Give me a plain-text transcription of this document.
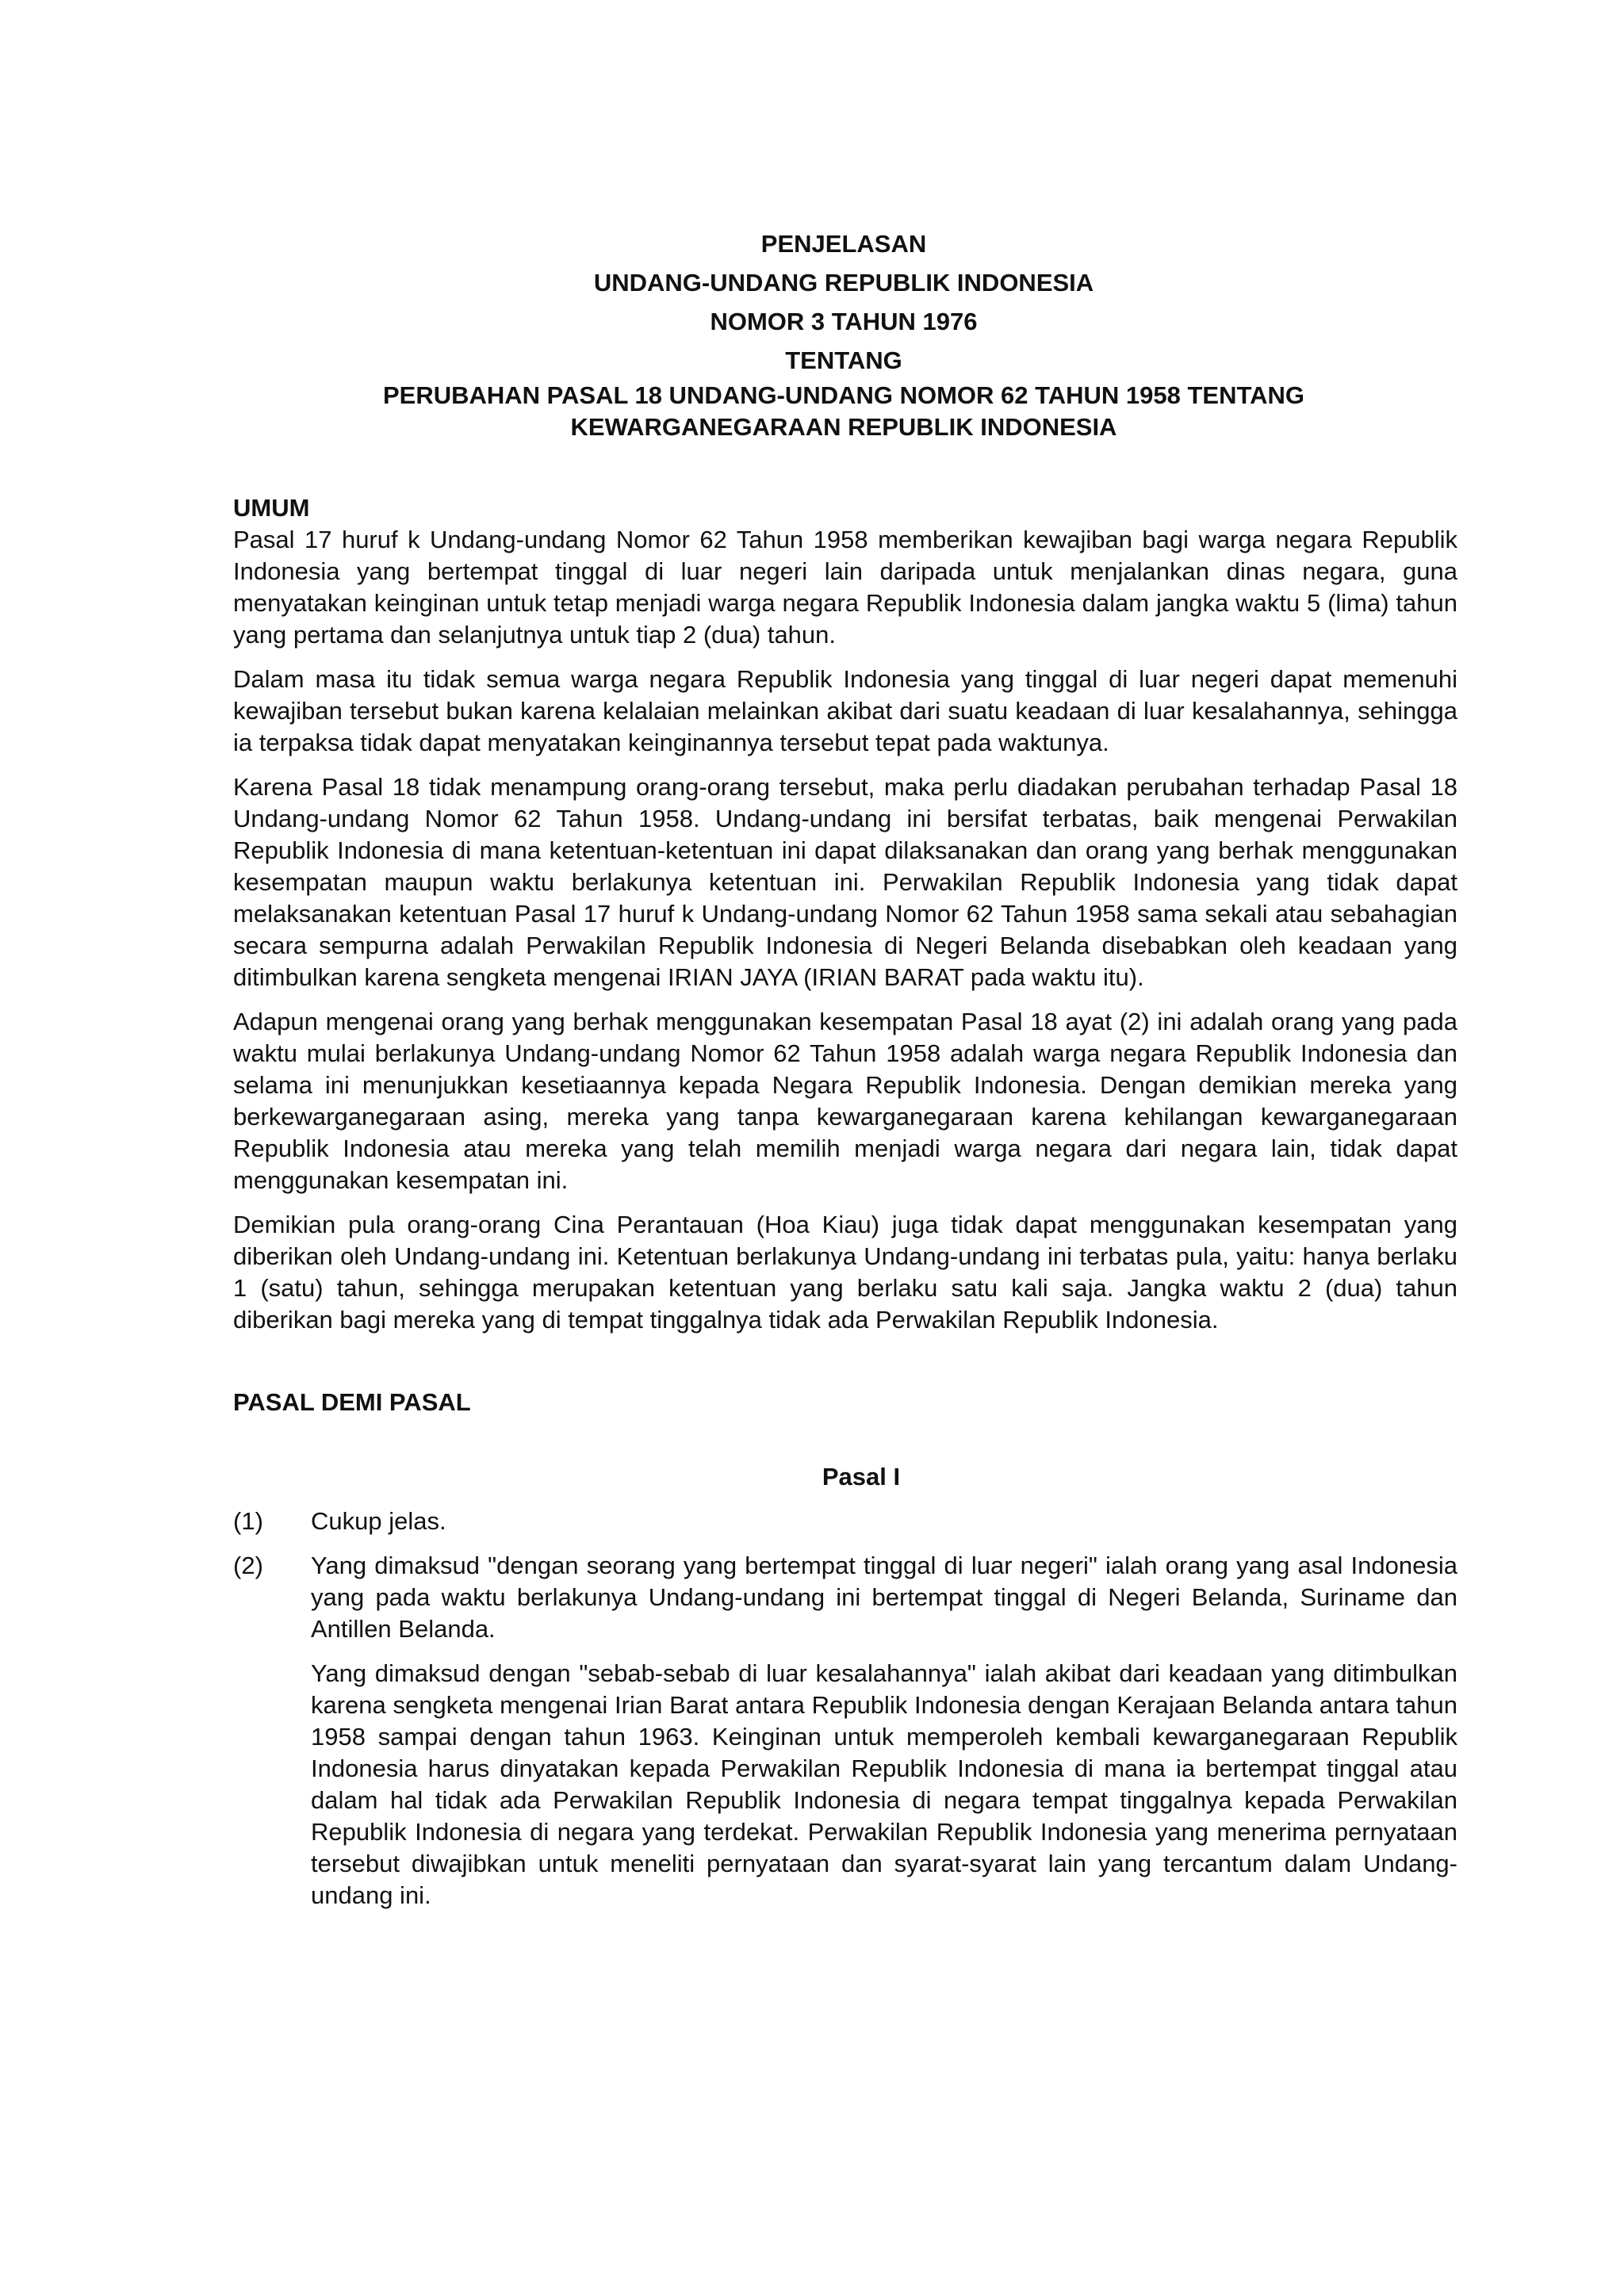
PENJELASAN
UNDANG-UNDANG REPUBLIK INDONESIA
NOMOR 3 TAHUN 1976
TENTANG
PERUBAHAN PASAL 18 UNDANG-UNDANG NOMOR 62 TAHUN 1958 TENTANG
KEWARGANEGARAAN REPUBLIK INDONESIA

UMUM

Pasal 17 huruf k Undang-undang Nomor 62 Tahun 1958 memberikan kewajiban bagi warga negara Republik Indonesia yang bertempat tinggal di luar negeri lain daripada untuk menjalankan dinas negara, guna menyatakan keinginan untuk tetap menjadi warga negara Republik Indonesia dalam jangka waktu 5 (lima) tahun yang pertama dan selanjutnya untuk tiap 2 (dua) tahun.

Dalam masa itu tidak semua warga negara Republik Indonesia yang tinggal di luar negeri dapat memenuhi kewajiban tersebut bukan karena kelalaian melainkan akibat dari suatu keadaan di luar kesalahannya, sehingga ia terpaksa tidak dapat menyatakan keinginannya tersebut tepat pada waktunya.

Karena Pasal 18 tidak menampung orang-orang tersebut, maka perlu diadakan perubahan terhadap Pasal 18 Undang-undang Nomor 62 Tahun 1958. Undang-undang ini bersifat terbatas, baik mengenai Perwakilan Republik Indonesia di mana ketentuan-ketentuan ini dapat dilaksanakan dan orang yang berhak menggunakan kesempatan maupun waktu berlakunya ketentuan ini. Perwakilan Republik Indonesia yang tidak dapat melaksanakan ketentuan Pasal 17 huruf k Undang-undang Nomor 62 Tahun 1958 sama sekali atau sebahagian secara sempurna adalah Perwakilan Republik Indonesia di Negeri Belanda disebabkan oleh keadaan yang ditimbulkan karena sengketa mengenai IRIAN JAYA (IRIAN BARAT pada waktu itu).

Adapun mengenai orang yang berhak menggunakan kesempatan Pasal 18 ayat (2) ini adalah orang yang pada waktu mulai berlakunya Undang-undang Nomor 62 Tahun 1958 adalah warga negara Republik Indonesia dan selama ini menunjukkan kesetiaannya kepada Negara Republik Indonesia. Dengan demikian mereka yang berkewarganegaraan asing, mereka yang tanpa kewarganegaraan karena kehilangan kewarganegaraan Republik Indonesia atau mereka yang telah memilih menjadi warga negara dari negara lain, tidak dapat menggunakan kesempatan ini.

Demikian pula orang-orang Cina Perantauan (Hoa Kiau) juga tidak dapat menggunakan kesempatan yang diberikan oleh Undang-undang ini. Ketentuan berlakunya Undang-undang ini terbatas pula, yaitu: hanya berlaku 1 (satu) tahun, sehingga merupakan ketentuan yang berlaku satu kali saja. Jangka waktu 2 (dua) tahun diberikan bagi mereka yang di tempat tinggalnya tidak ada Perwakilan Republik Indonesia.

PASAL DEMI PASAL

Pasal I

(1)	Cukup jelas.
(2)	Yang dimaksud "dengan seorang yang bertempat tinggal di luar negeri" ialah orang yang asal Indonesia yang pada waktu berlakunya Undang-undang ini bertempat tinggal di Negeri Belanda, Suriname dan Antillen Belanda.

Yang dimaksud dengan "sebab-sebab di luar kesalahannya" ialah akibat dari keadaan yang ditimbulkan karena sengketa mengenai Irian Barat antara Republik Indonesia dengan Kerajaan Belanda antara tahun 1958 sampai dengan tahun 1963. Keinginan untuk memperoleh kembali kewarganegaraan Republik Indonesia harus dinyatakan kepada Perwakilan Republik Indonesia di mana ia bertempat tinggal atau dalam hal tidak ada Perwakilan Republik Indonesia di negara tempat tinggalnya kepada Perwakilan Republik Indonesia di negara yang terdekat. Perwakilan Republik Indonesia yang menerima pernyataan tersebut diwajibkan untuk meneliti pernyataan dan syarat-syarat lain yang tercantum dalam Undang-undang ini.
